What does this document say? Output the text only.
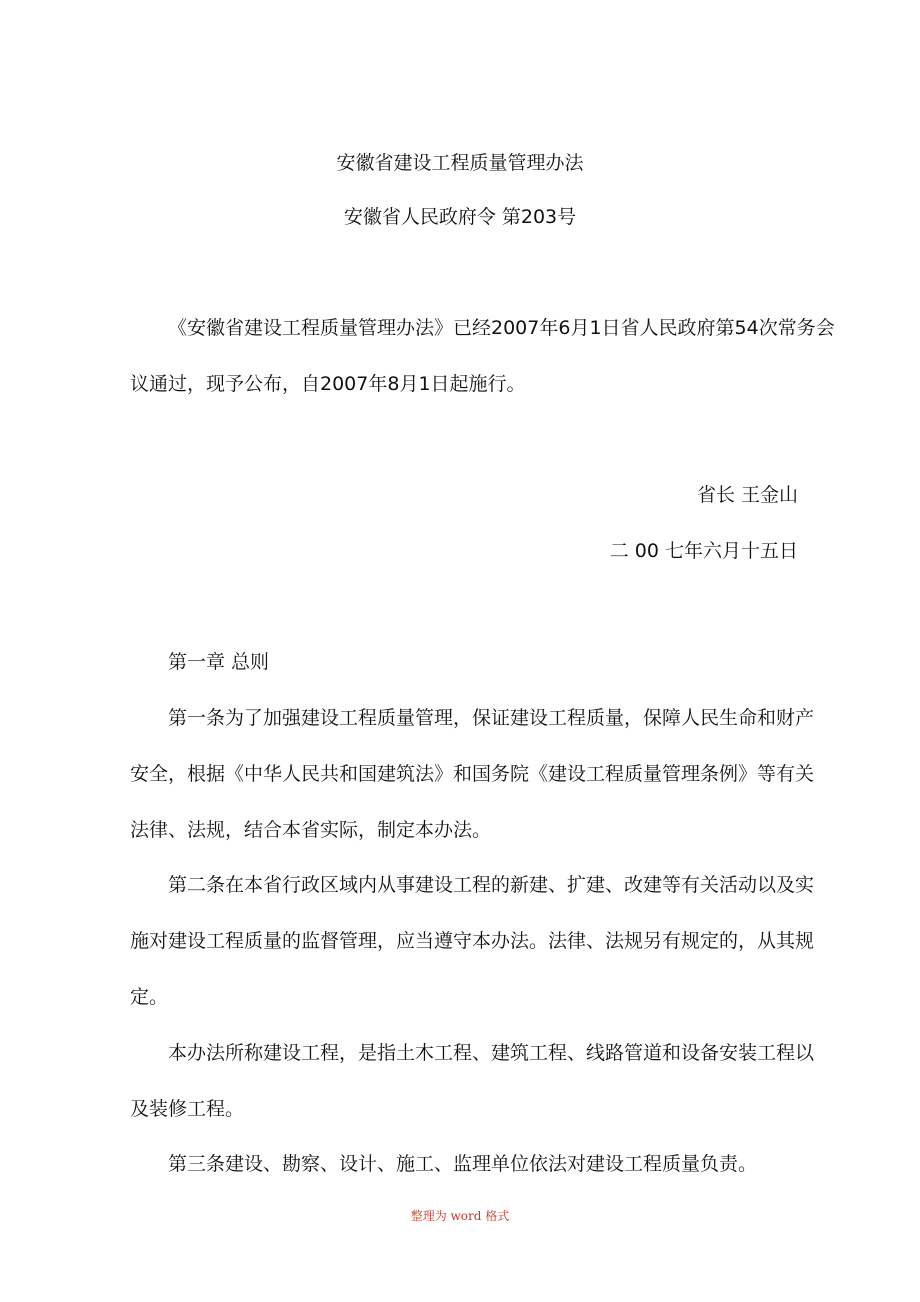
安徽省建设工程质量管理办法

安徽省人民政府令 第203号

《安徽省建设工程质量管理办法》已经2007年6月1日省人民政府第54次常务会

议通过，现予公布，自2007年8月1日起施行。

省长 王金山

二 00 七年六月十五日

第一章 总则

第一条为了加强建设工程质量管理，保证建设工程质量，保障人民生命和财产

安全，根据《中华人民共和国建筑法》和国务院《建设工程质量管理条例》等有关

法律、法规，结合本省实际，制定本办法。

第二条在本省行政区域内从事建设工程的新建、扩建、改建等有关活动以及实

施对建设工程质量的监督管理，应当遵守本办法。法律、法规另有规定的，从其规

定。

本办法所称建设工程，是指土木工程、建筑工程、线路管道和设备安装工程以

及装修工程。

第三条建设、勘察、设计、施工、监理单位依法对建设工程质量负责。

整理为 word 格式
